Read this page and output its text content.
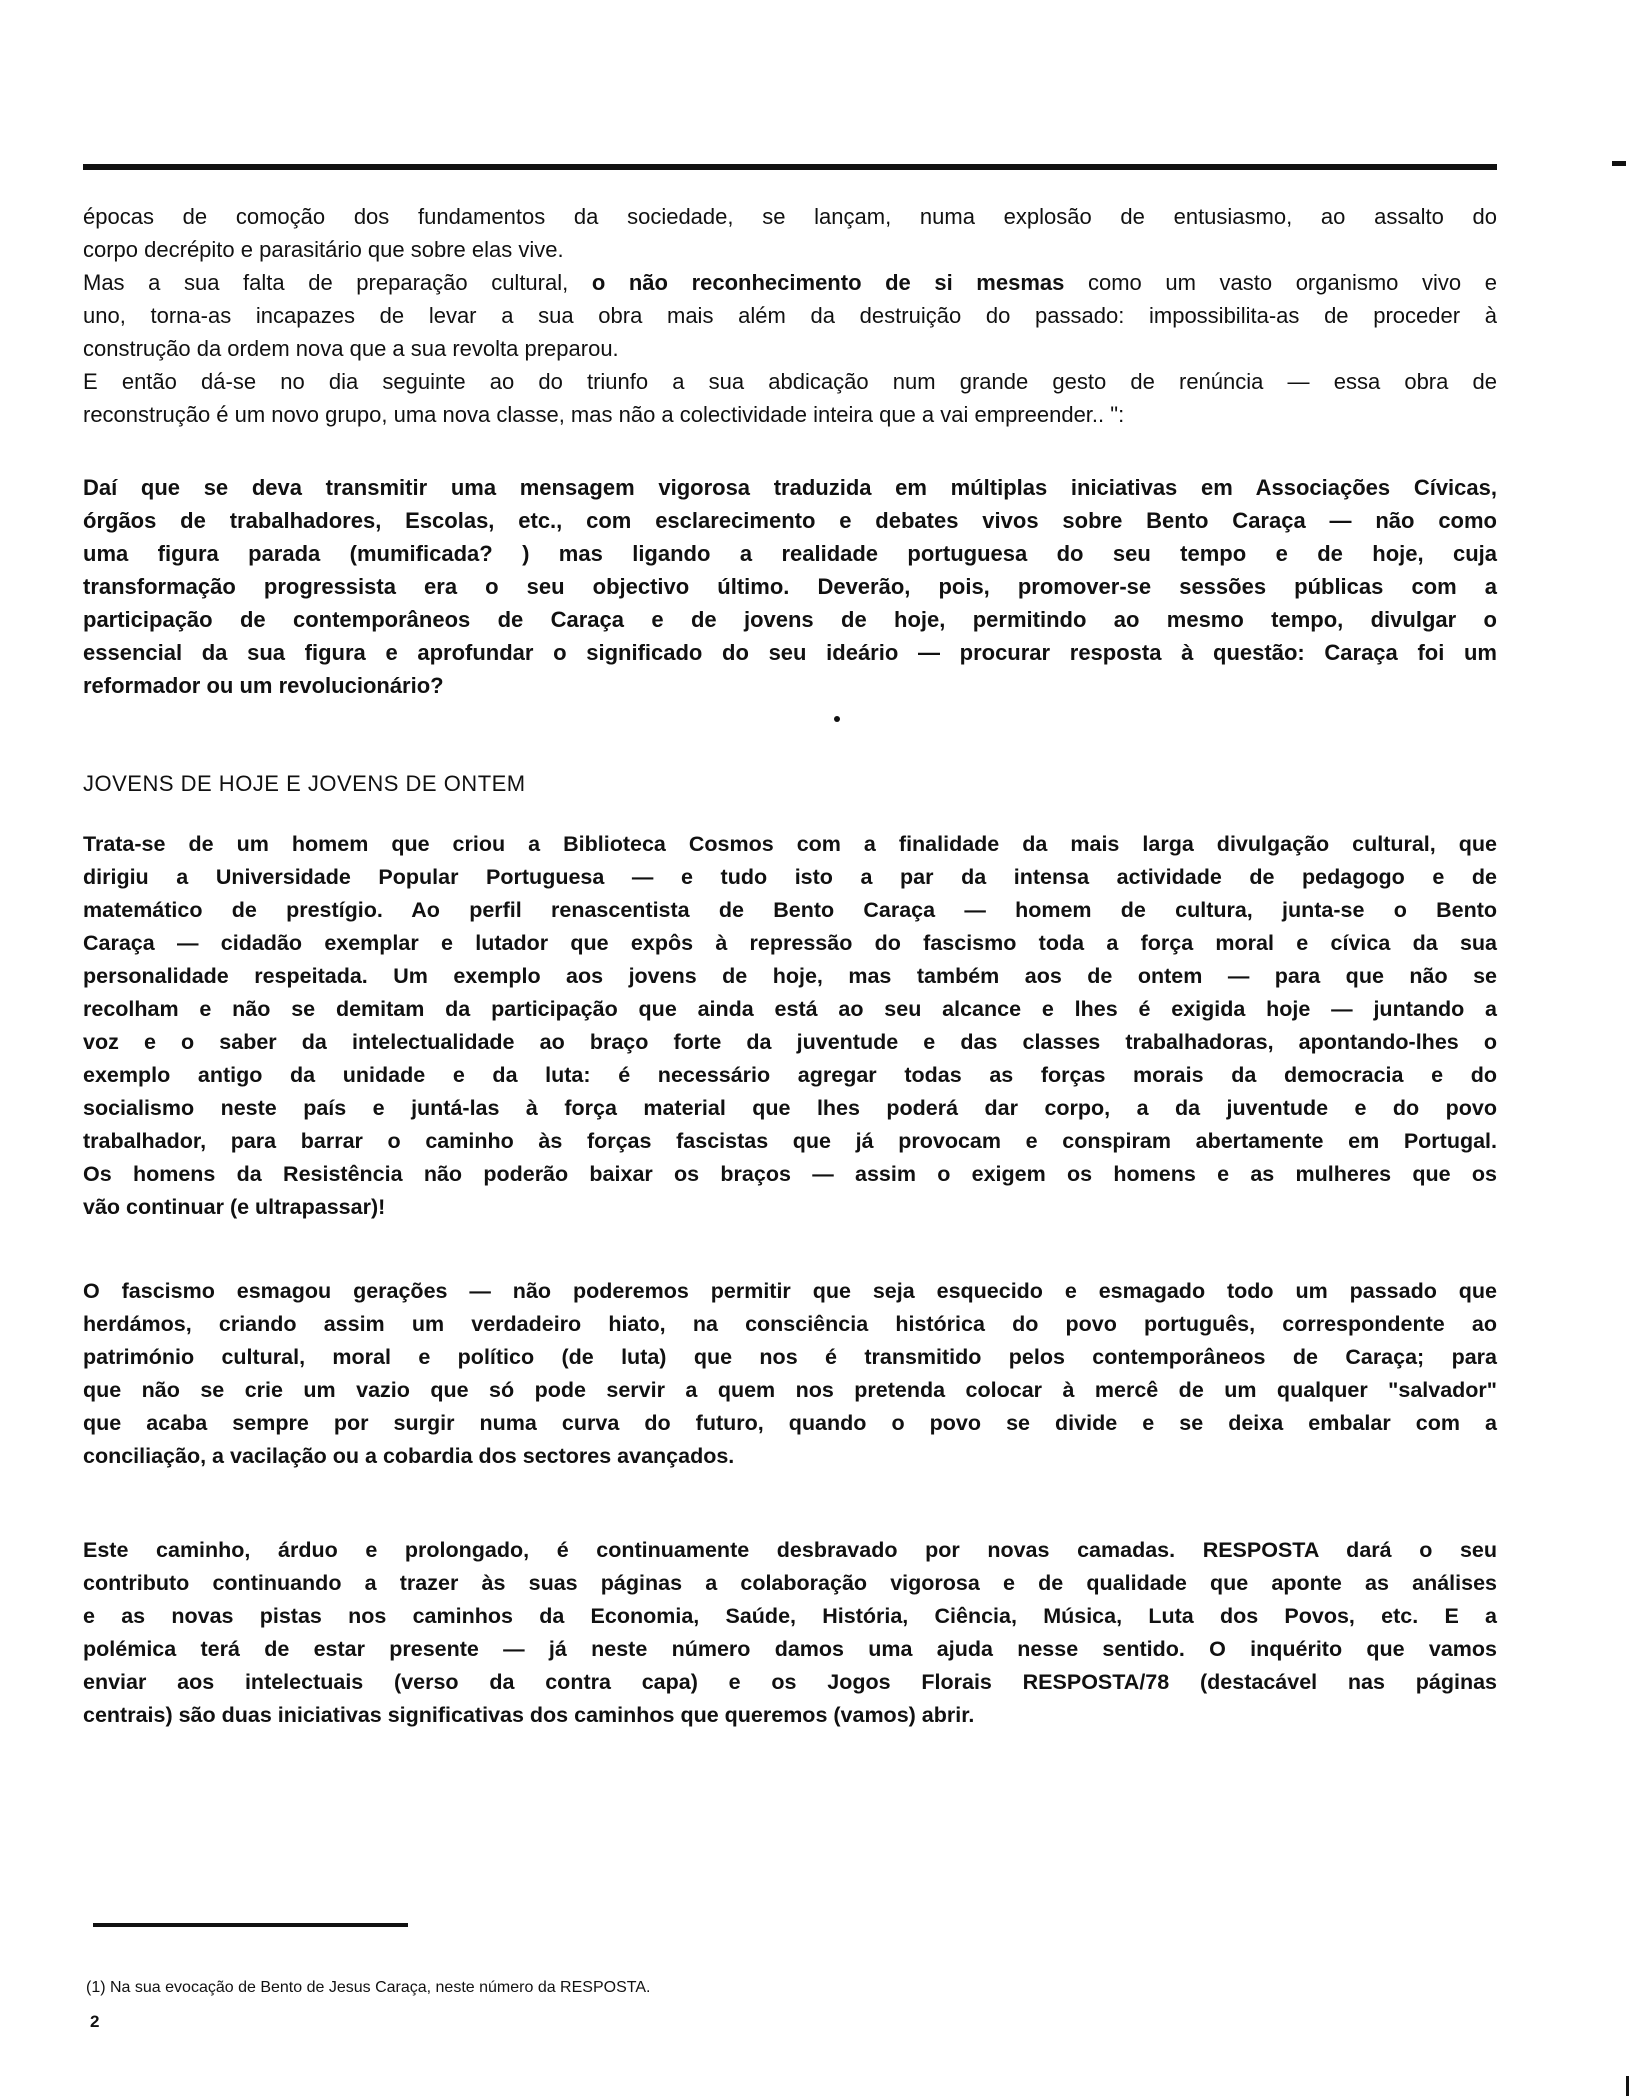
épocas de comoção dos fundamentos da sociedade, se lançam, numa explosão de entusiasmo, ao assalto do
corpo decrépito e parasitário que sobre elas vive.
Mas a sua falta de preparação cultural, o não reconhecimento de si mesmas como um vasto organismo vivo e
uno, torna-as incapazes de levar a sua obra mais além da destruição do passado: impossibilita-as de proceder à
construção da ordem nova que a sua revolta preparou.
E então dá-se no dia seguinte ao do triunfo a sua abdicação num grande gesto de renúncia — essa obra de
reconstrução é um novo grupo, uma nova classe, mas não a colectividade inteira que a vai empreender.. ":
Daí que se deva transmitir uma mensagem vigorosa traduzida em múltiplas iniciativas em Associações Cívicas,
órgãos de trabalhadores, Escolas, etc., com esclarecimento e debates vivos sobre Bento Caraça — não como
uma figura parada (mumificada? ) mas ligando a realidade portuguesa do seu tempo e de hoje, cuja
transformação progressista era o seu objectivo último. Deverão, pois, promover-se sessões públicas com a
participação de contemporâneos de Caraça e de jovens de hoje, permitindo ao mesmo tempo, divulgar o
essencial da sua figura e aprofundar o significado do seu ideário — procurar resposta à questão: Caraça foi um
reformador ou um revolucionário?
JOVENS DE HOJE E JOVENS DE ONTEM
Trata-se de um homem que criou a Biblioteca Cosmos com a finalidade da mais larga divulgação cultural, que
dirigiu a Universidade Popular Portuguesa — e tudo isto a par da intensa actividade de pedagogo e de
matemático de prestígio. Ao perfil renascentista de Bento Caraça — homem de cultura, junta-se o Bento
Caraça — cidadão exemplar e lutador que expôs à repressão do fascismo toda a força moral e cívica da sua
personalidade respeitada. Um exemplo aos jovens de hoje, mas também aos de ontem — para que não se
recolham e não se demitam da participação que ainda está ao seu alcance e lhes é exigida hoje — juntando a
voz e o saber da intelectualidade ao braço forte da juventude e das classes trabalhadoras, apontando-lhes o
exemplo antigo da unidade e da luta: é necessário agregar todas as forças morais da democracia e do
socialismo neste país e juntá-las à força material que lhes poderá dar corpo, a da juventude e do povo
trabalhador, para barrar o caminho às forças fascistas que já provocam e conspiram abertamente em Portugal.
Os homens da Resistência não poderão baixar os braços — assim o exigem os homens e as mulheres que os
vão continuar (e ultrapassar)!
O fascismo esmagou gerações — não poderemos permitir que seja esquecido e esmagado todo um passado que
herdámos, criando assim um verdadeiro hiato, na consciência histórica do povo português, correspondente ao
património cultural, moral e político (de luta) que nos é transmitido pelos contemporâneos de Caraça; para
que não se crie um vazio que só pode servir a quem nos pretenda colocar à mercê de um qualquer "salvador"
que acaba sempre por surgir numa curva do futuro, quando o povo se divide e se deixa embalar com a
conciliação, a vacilação ou a cobardia dos sectores avançados.
Este caminho, árduo e prolongado, é continuamente desbravado por novas camadas. RESPOSTA dará o seu
contributo continuando a trazer às suas páginas a colaboração vigorosa e de qualidade que aponte as análises
e as novas pistas nos caminhos da Economia, Saúde, História, Ciência, Música, Luta dos Povos, etc. E a
polémica terá de estar presente — já neste número damos uma ajuda nesse sentido. O inquérito que vamos
enviar aos intelectuais (verso da contra capa) e os Jogos Florais RESPOSTA/78 (destacável nas páginas
centrais) são duas iniciativas significativas dos caminhos que queremos (vamos) abrir.
(1) Na sua evocação de Bento de Jesus Caraça, neste número da RESPOSTA.
2
